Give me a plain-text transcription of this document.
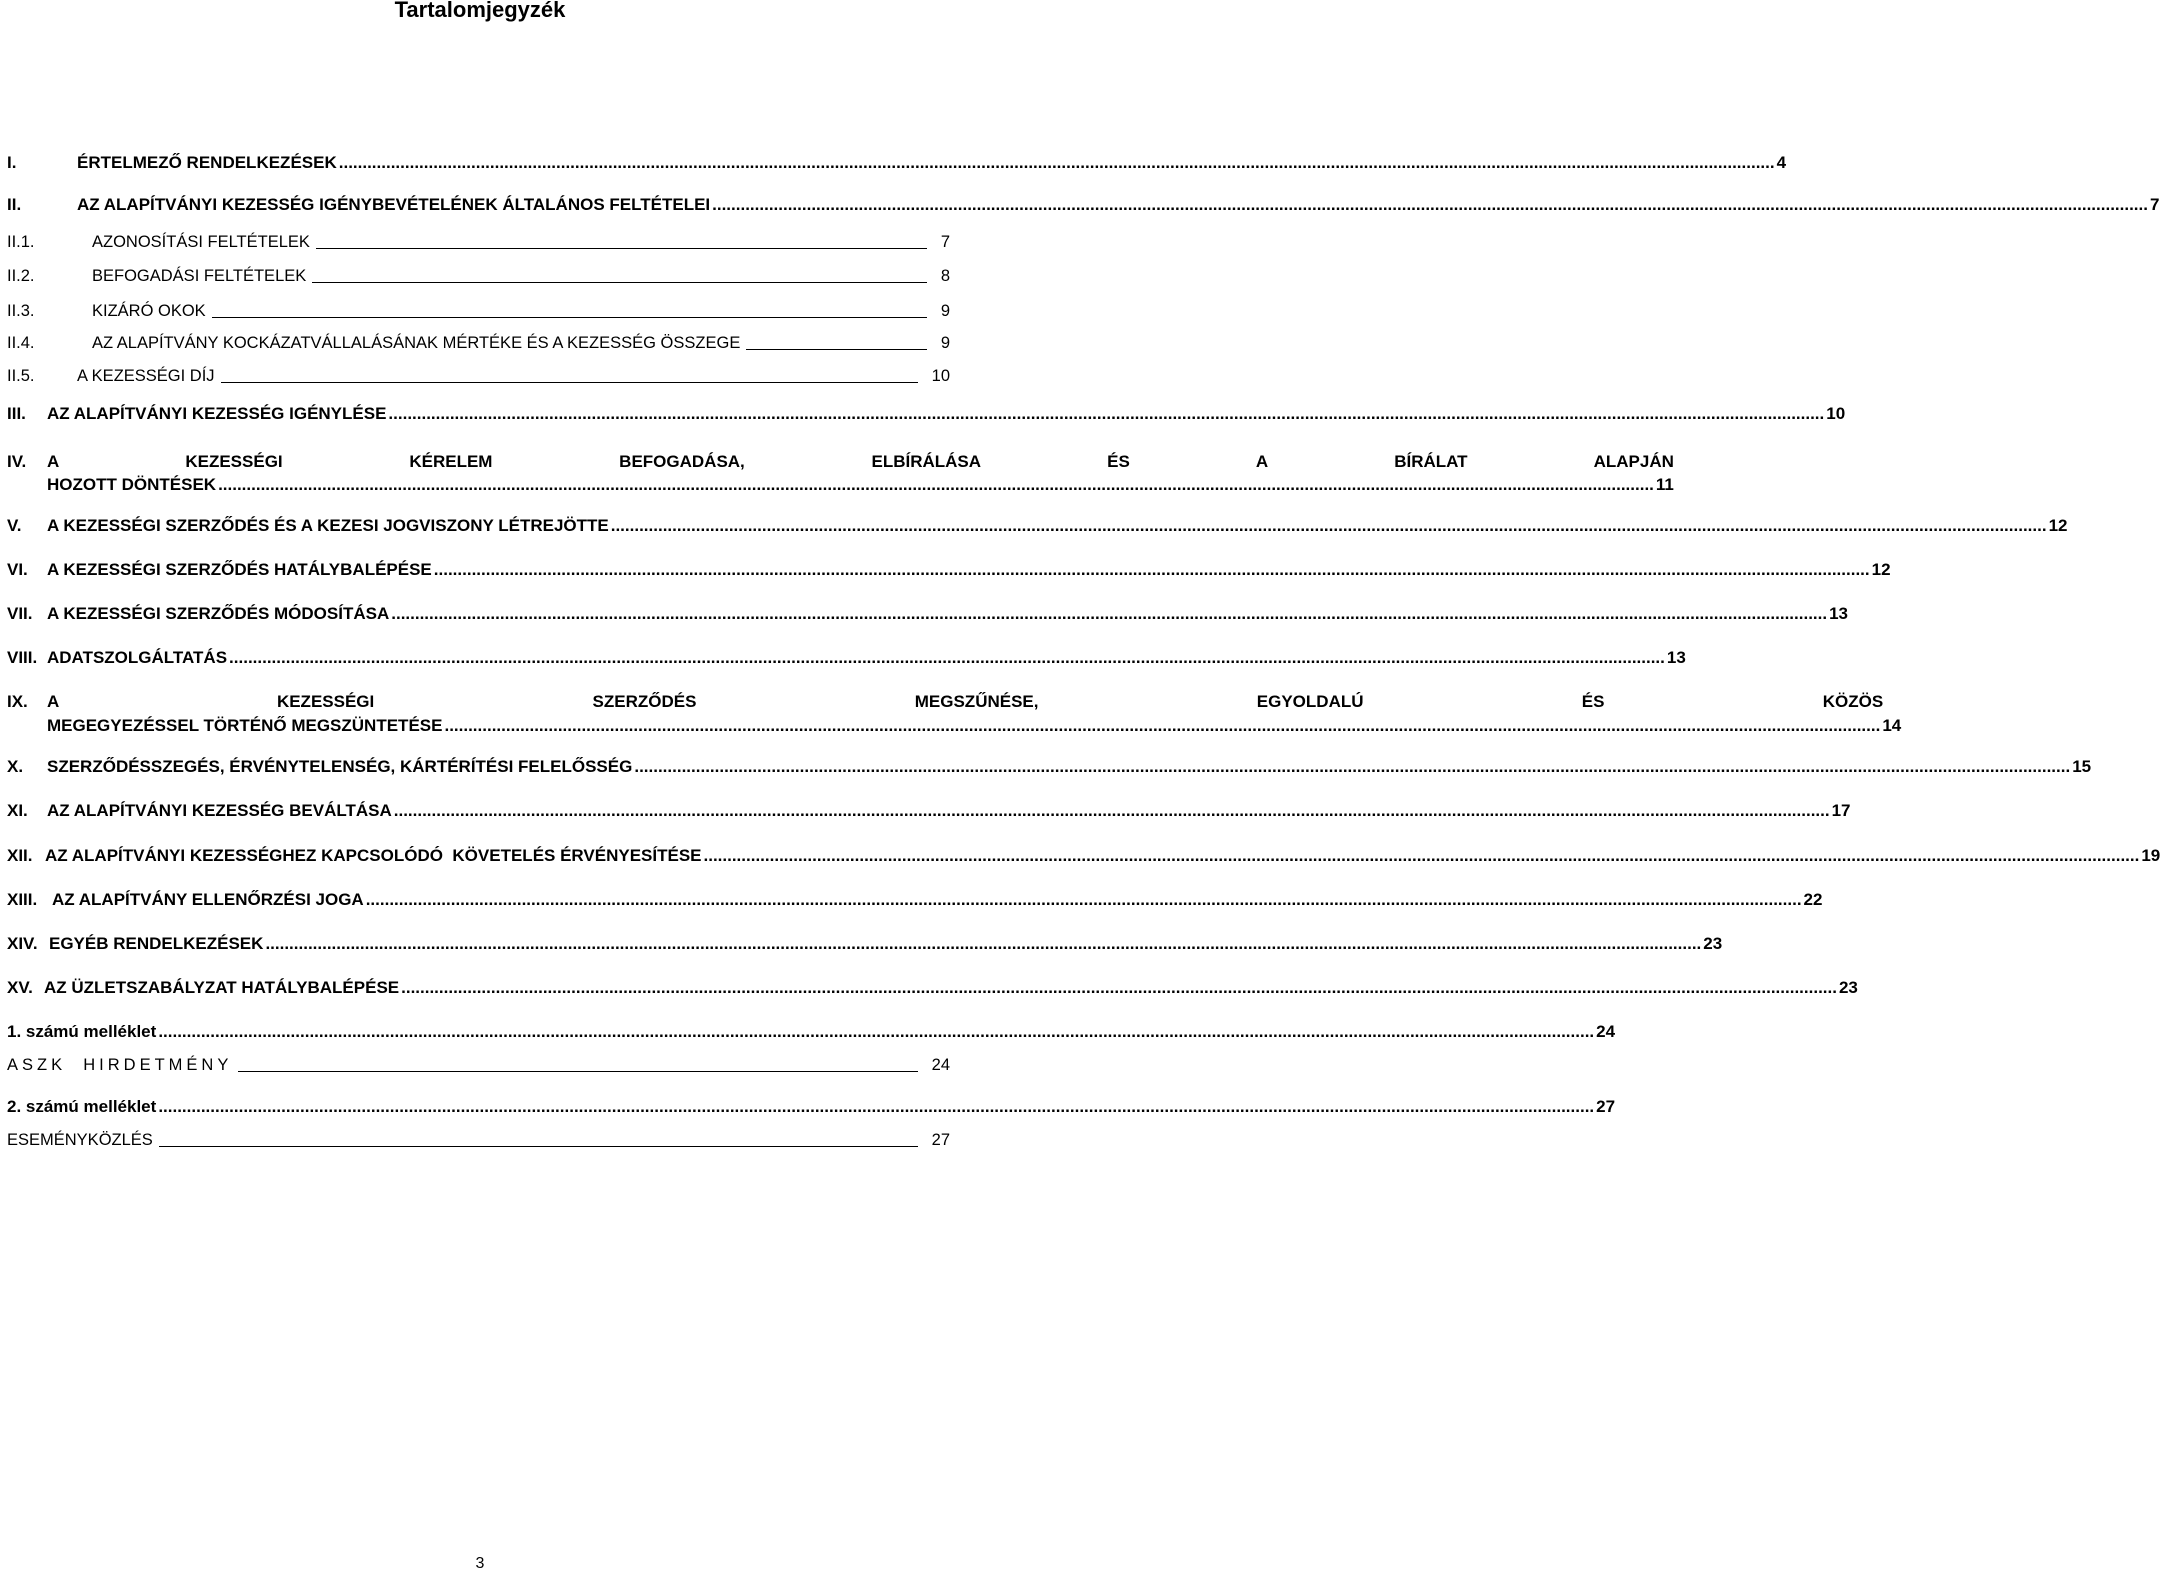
Tartalomjegyzék
I.	ÉRTELMEZŐ RENDELKEZÉSEK .....	4
II.	AZ ALAPÍTVÁNYI KEZESSÉG IGÉNYBEVÉTELÉNEK ÁLTALÁNOS FELTÉTELEI .....	7
II.1.	AZONOSÍTÁSI FELTÉTELEK	7
II.2.	BEFOGADÁSI FELTÉTELEK	8
II.3.	KIZÁRÓ OKOK	9
II.4.	AZ ALAPÍTVÁNY KOCKÁZATVÁLLALÁSÁNAK MÉRTÉKE ÉS A KEZESSÉG ÖSSZEGE	9
II.5.	A KEZESSÉGI DÍJ	10
III.	AZ ALAPÍTVÁNYI KEZESSÉG IGÉNYLÉSE .....	10
IV.	A KEZESSÉGI KÉRELEM BEFOGADÁSA, ELBÍRÁLÁSA ÉS A BÍRÁLAT ALAPJÁN
HOZOTT DÖNTÉSEK .....	11
V.	A KEZESSÉGI SZERZŐDÉS ÉS A KEZESI JOGVISZONY LÉTREJÖTTE .....	12
VI.	A KEZESSÉGI SZERZŐDÉS HATÁLYBALÉPÉSE .....	12
VII. A KEZESSÉGI SZERZŐDÉS MÓDOSÍTÁSA .....	13
VIII. ADATSZOLGÁLTATÁS .....	13
IX.	A KEZESSÉGI SZERZŐDÉS MEGSZŰNÉSE, EGYOLDALÚ ÉS KÖZÖS
MEGEGYEZÉSSEL TÖRTÉNŐ MEGSZÜNTETÉSE .....	14
X.	SZERZŐDÉSSZEGÉS, ÉRVÉNYTELENSÉG, KÁRTÉRÍTÉSI FELELŐSSÉG .....	15
XI.	AZ ALAPÍTVÁNYI KEZESSÉG BEVÁLTÁSA .....	17
XII. AZ ALAPÍTVÁNYI KEZESSÉGHEZ KAPCSOLÓDÓ  KÖVETELÉS ÉRVÉNYESÍTÉSE .....	19
XIII. AZ ALAPÍTVÁNY ELLENŐRZÉSI JOGA .....	22
XIV. EGYÉB RENDELKEZÉSEK .....	23
XV. AZ ÜZLETSZABÁLYZAT HATÁLYBALÉPÉSE .....	23
1. számú melléklet .....	24
ASZK  HIRDETMÉNY	24
2. számú melléklet .....	27
ESEMÉNYKÖZLÉS	27
3
